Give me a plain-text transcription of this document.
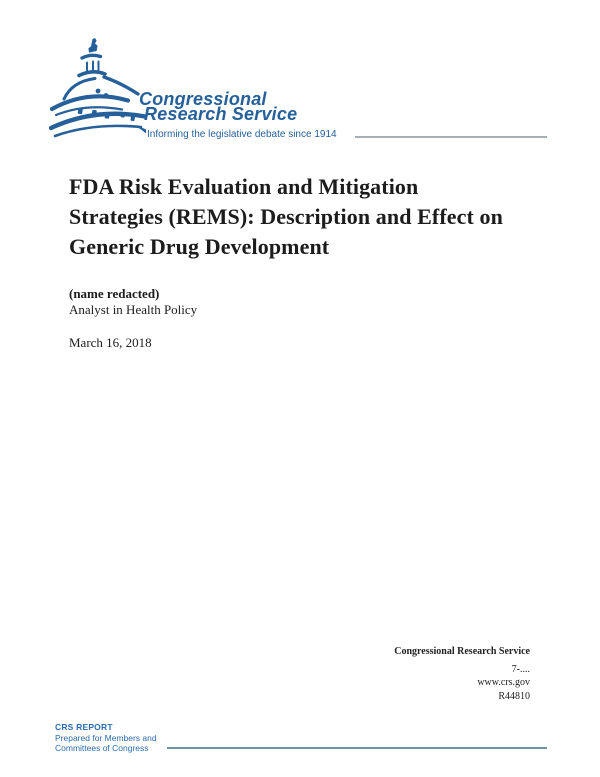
Congressional
Research Service
Informing the legislative debate since 1914
FDA Risk Evaluation and Mitigation
Strategies (REMS): Description and Effect on
Generic Drug Development
(name redacted)
Analyst in Health Policy
March 16, 2018
Congressional Research Service
7-....
www.crs.gov
R44810
CRS REPORT
Prepared for Members and
Committees of Congress
